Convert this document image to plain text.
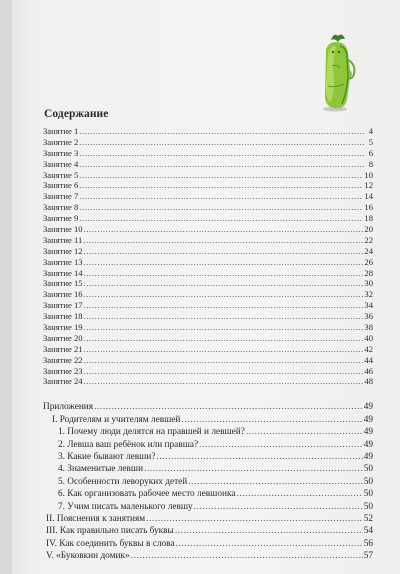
Содержание
Занятие 1 .....	4
Занятие 2 .....	5
Занятие 3 .....	6
Занятие 4 .....	8
Занятие 5 .....	10
Занятие 6 .....	12
Занятие 7 .....	14
Занятие 8 .....	16
Занятие 9 .....	18
Занятие 10 .....	20
Занятие 11 .....	22
Занятие 12 .....	24
Занятие 13 .....	26
Занятие 14 .....	28
Занятие 15 .....	30
Занятие 16 .....	32
Занятие 17 .....	34
Занятие 18 .....	36
Занятие 19 .....	38
Занятие 20 .....	40
Занятие 21 .....	42
Занятие 22 .....	44
Занятие 23 .....	46
Занятие 24 .....	48
Приложения .....	49
I. Родителям и учителям левшей .....	49
1. Почему люди делятся на правшей и левшей? .....	49
2. Левша ваш ребёнок или правша? .....	49
3. Какие бывают левши? .....	49
4. Знаменитые левши .....	50
5. Особенности леворуких детей .....	50
6. Как организовать рабочее место левшонка .....	50
7. Учим писать маленького левшу .....	50
II. Пояснения к занятиям .....	52
III. Как правильно писать буквы .....	54
IV. Как соединить буквы в слова .....	56
V. «Буковкин домик» .....	57
